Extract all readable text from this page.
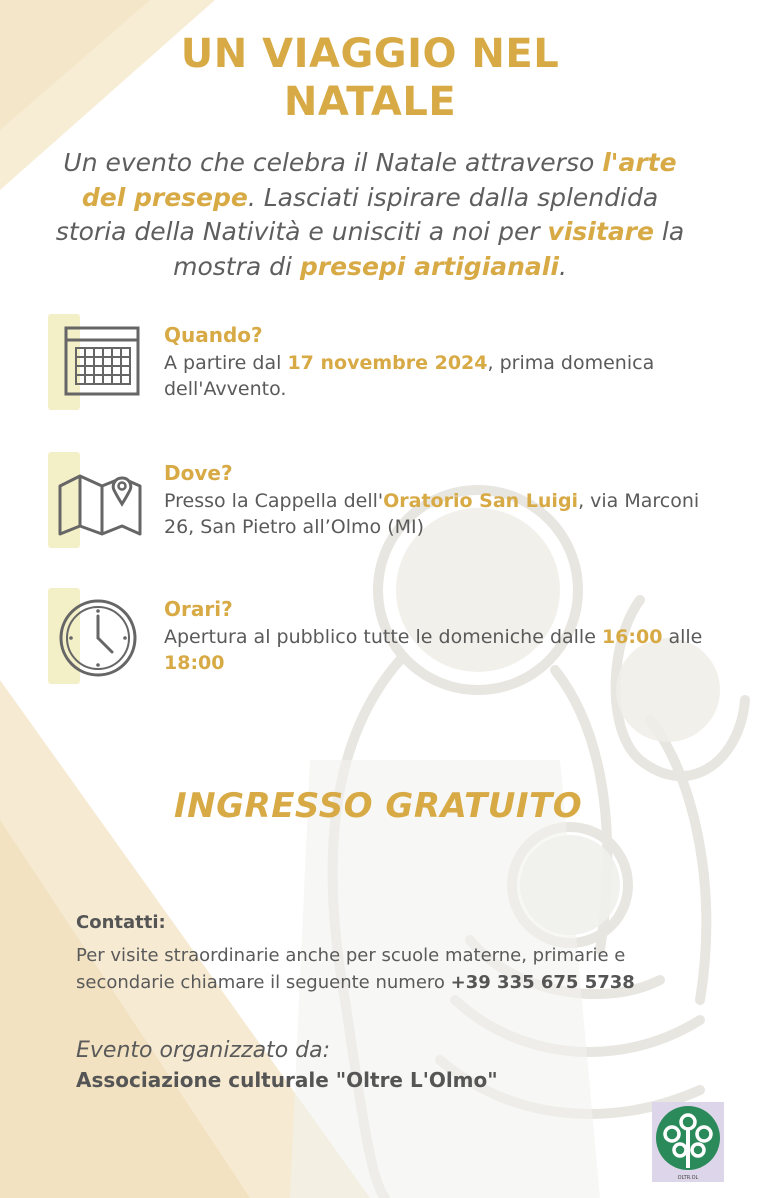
UN VIAGGIO NEL
NATALE

Un evento che celebra il Natale attraverso l'arte del presepe. Lasciati ispirare dalla splendida storia della Natività e unisciti a noi per visitare la mostra di presepi artigianali.

Quando?
A partire dal 17 novembre 2024, prima domenica dell'Avvento.
Dove?
Presso la Cappella dell'Oratorio San Luigi, via Marconi 26, San Pietro all’Olmo (MI)
Orari?
Apertura al pubblico tutte le domeniche dalle 16:00 alle 18:00
INGRESSO GRATUITO
Contatti:
Per visite straordinarie anche per scuole materne, primarie e secondarie chiamare il seguente numero +39 335 675 5738
Evento organizzato da:
Associazione culturale "Oltre L'Olmo"
OLTR.OL
